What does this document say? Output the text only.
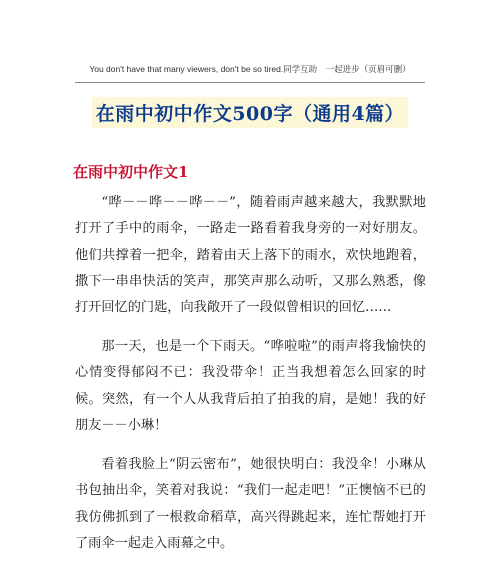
You don't have that many viewers, don't be so tired.同学互助　一起进步（页眉可删）
在雨中初中作文500字（通用4篇）
在雨中初中作文1

“哗－－哗－－哗－－”，随着雨声越来越大，我默默地打开了手中的雨伞，一路走一路看着我身旁的一对好朋友。他们共撑着一把伞，踏着由天上落下的雨水，欢快地跑着，撒下一串串快活的笑声，那笑声那么动听，又那么熟悉，像打开回忆的门匙，向我敞开了一段似曾相识的回忆……

那一天，也是一个下雨天。“哗啦啦”的雨声将我愉快的心情变得郁闷不已：我没带伞！正当我想着怎么回家的时候。突然，有一个人从我背后拍了拍我的肩，是她！我的好朋友－－小琳！

看着我脸上“阴云密布”，她很快明白：我没伞！小琳从书包抽出伞，笑着对我说：“我们一起走吧！”正懊恼不已的我仿佛抓到了一根救命稻草，高兴得跳起来，连忙帮她打开了雨伞一起走入雨幕之中。
